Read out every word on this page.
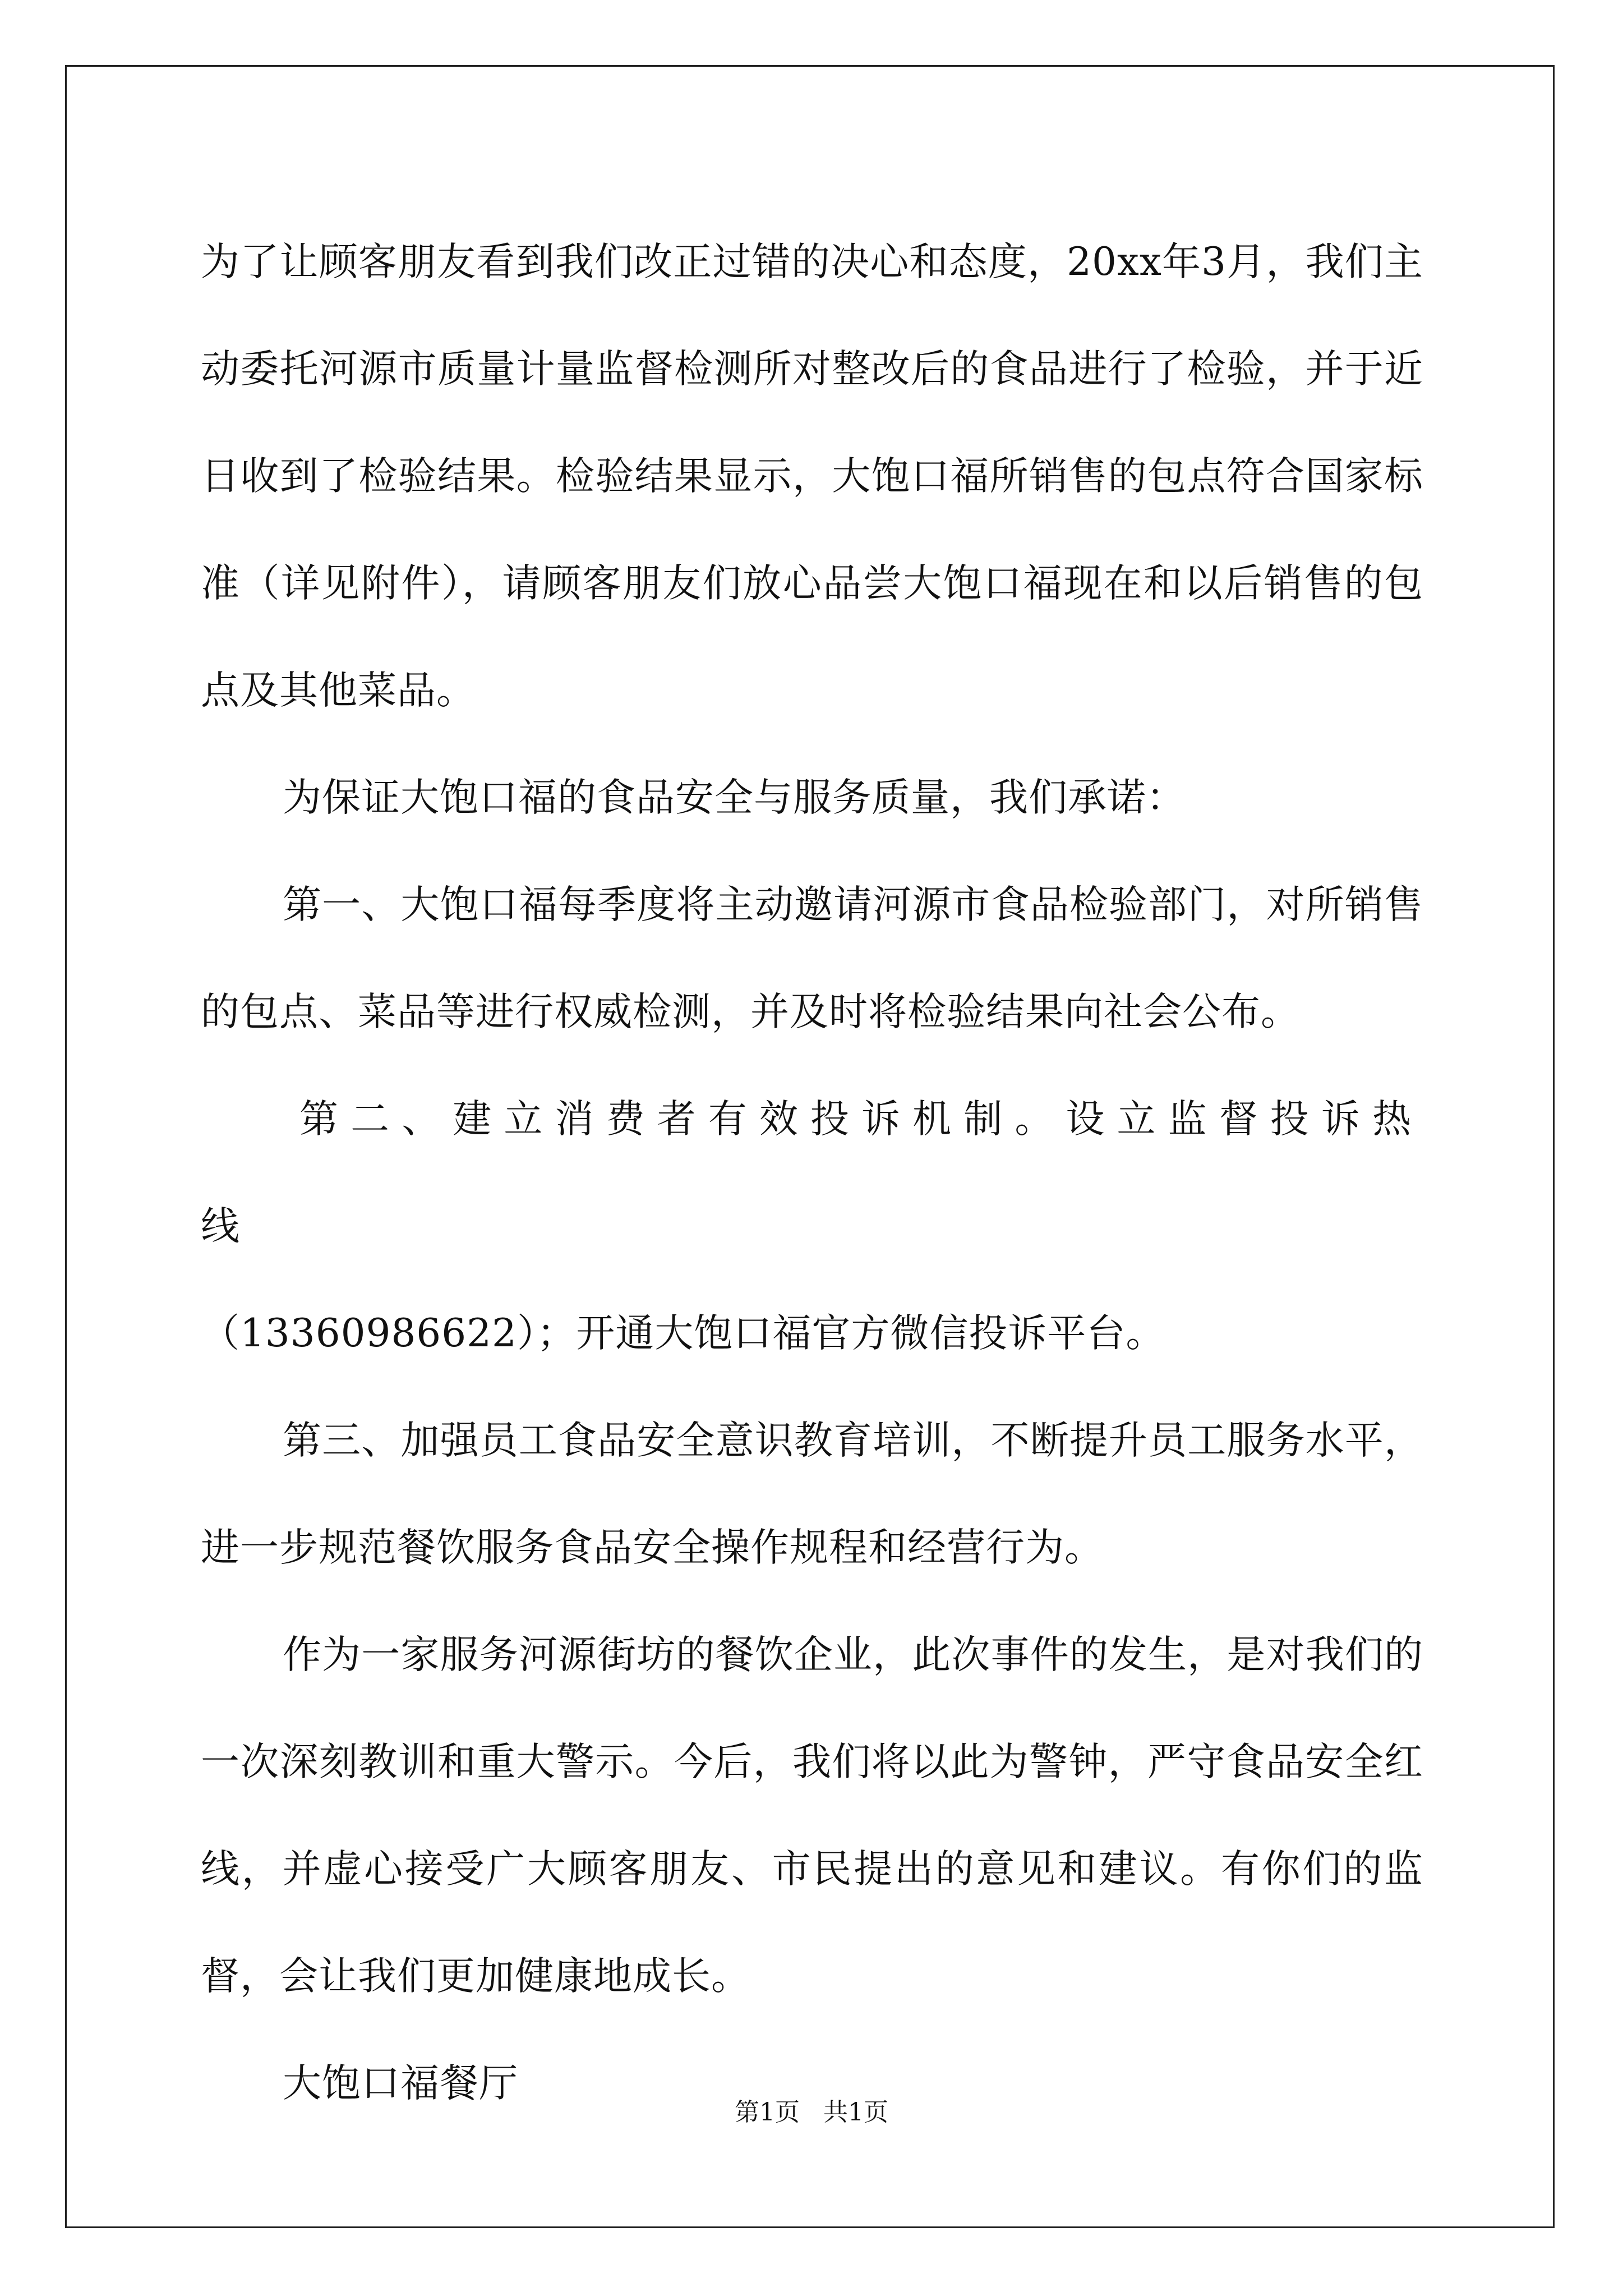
为了让顾客朋友看到我们改正过错的决心和态度，20xx年3月，我们主动委托河源市质量计量监督检测所对整改后的食品进行了检验，并于近日收到了检验结果。检验结果显示，大饱口福所销售的包点符合国家标准（详见附件），请顾客朋友们放心品尝大饱口福现在和以后销售的包点及其他菜品。

为保证大饱口福的食品安全与服务质量，我们承诺：

第一、大饱口福每季度将主动邀请河源市食品检验部门，对所销售的包点、菜品等进行权威检测，并及时将检验结果向社会公布。

第二、建立消费者有效投诉机制。设立监督投诉热线

（13360986622）；开通大饱口福官方微信投诉平台。

第三、加强员工食品安全意识教育培训，不断提升员工服务水平，进一步规范餐饮服务食品安全操作规程和经营行为。

作为一家服务河源街坊的餐饮企业，此次事件的发生，是对我们的一次深刻教训和重大警示。今后，我们将以此为警钟，严守食品安全红线，并虚心接受广大顾客朋友、市民提出的意见和建议。有你们的监督，会让我们更加健康地成长。

大饱口福餐厅

第1页 共1页
